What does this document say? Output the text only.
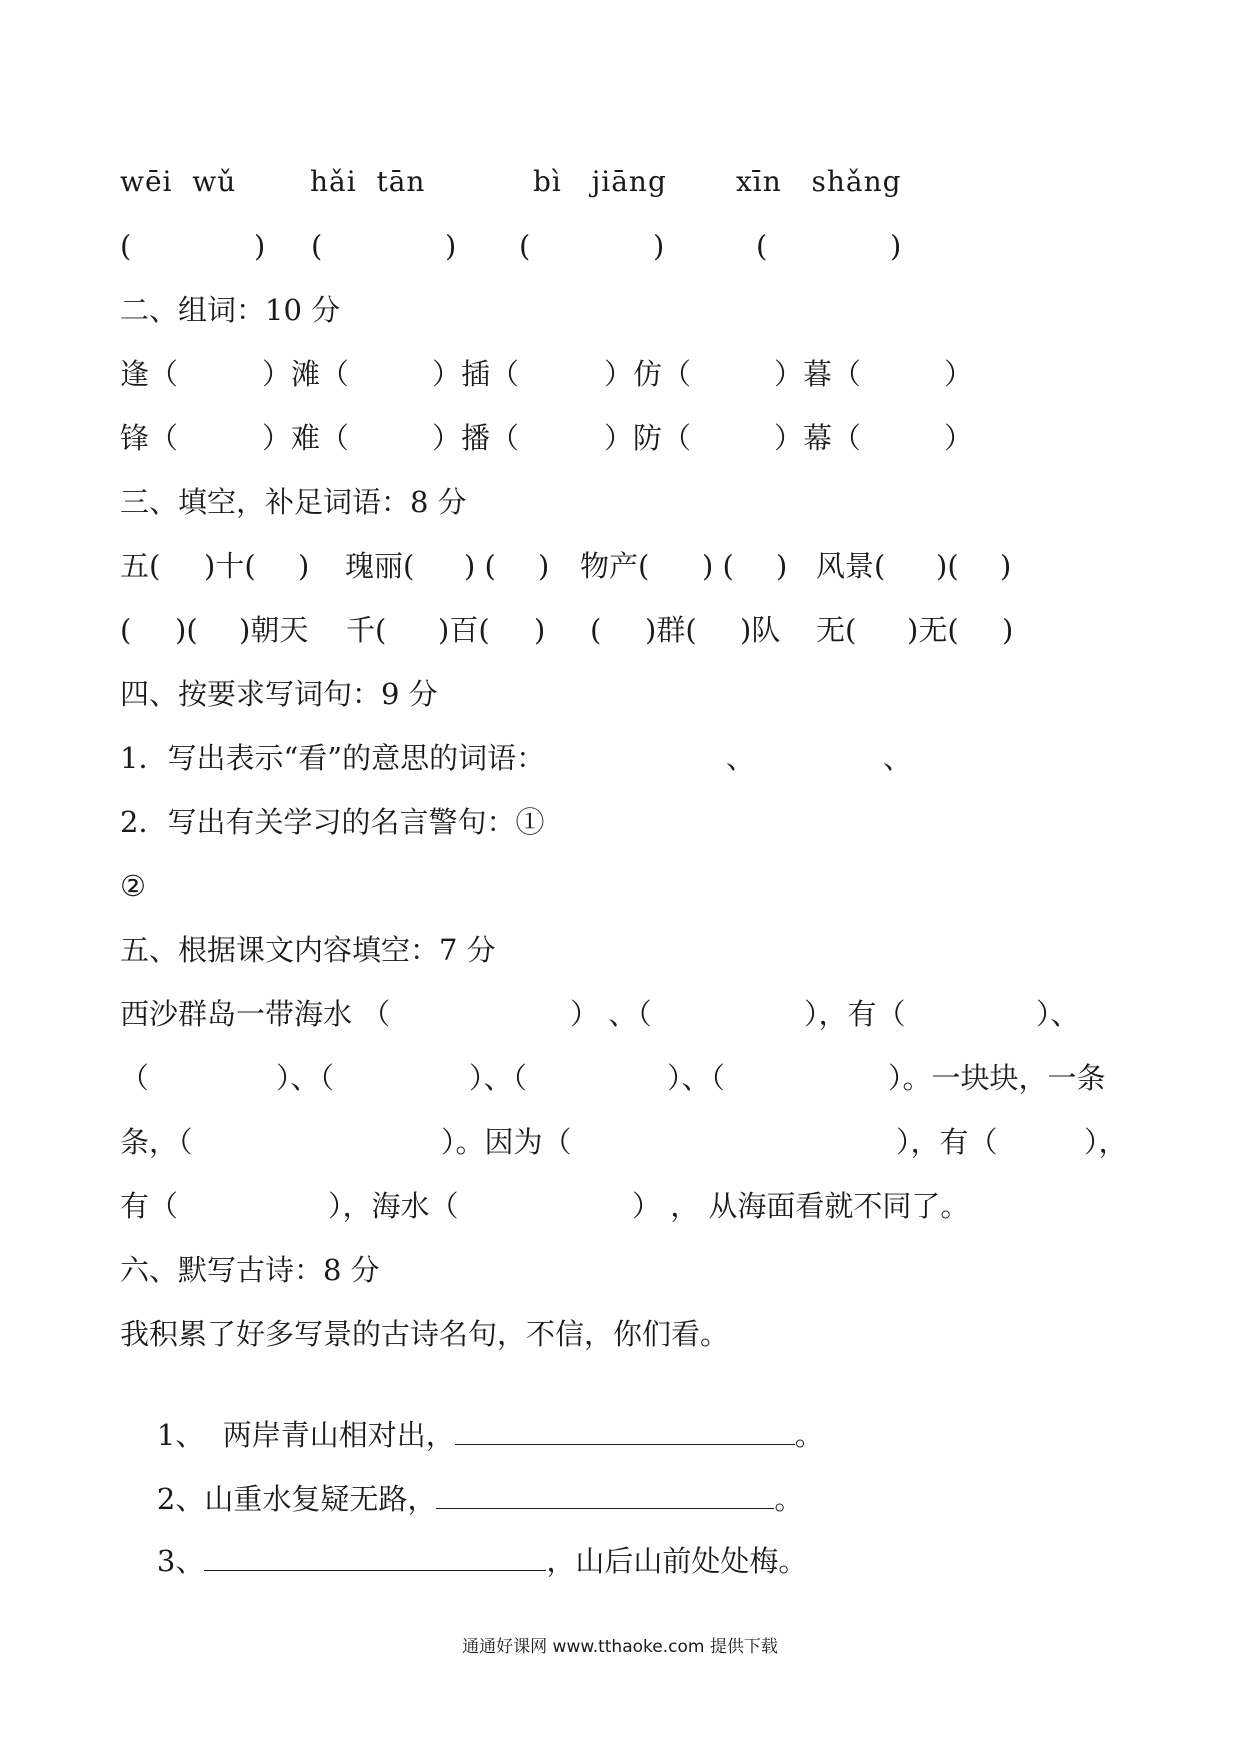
wēi  wǔ	hǎi  tān	bì   jiāng xīn   shǎng
(	) (	) (	)	(	)
二、组词：10 分
逢（	）滩（	）插（	）仿（	）暮（	）
锋（	）难（	）播（	）防（	）幕（	）
三、填空，补足词语：8 分
五( )十( ) 瑰丽( ) ( ) 物产( ) ( ) 风景( )( )
( )( )朝天 千( )百( ) ( )群( )队 无( )无( )
四、按要求写词句：9 分
1．写出表示“看”的意思的词语：	、	、
2．写出有关学习的名言警句：①
②
五、根据课文内容填空：7 分
西沙群岛一带海水 （	） 、（	），有（	）、
（	）、（	）、（	）、（	）。一块块，一条
条，（	）。因为（	），有（	），
有（	），海水（	） ， 从海面看就不同了。
六、默写古诗：8 分
我积累了好多写景的古诗名句，不信，你们看。

1、  两岸青山相对出，	。

2、山重水复疑无路，	。

3、	，山后山前处处梅。

通通好课网 www.tthaoke.com 提供下载
